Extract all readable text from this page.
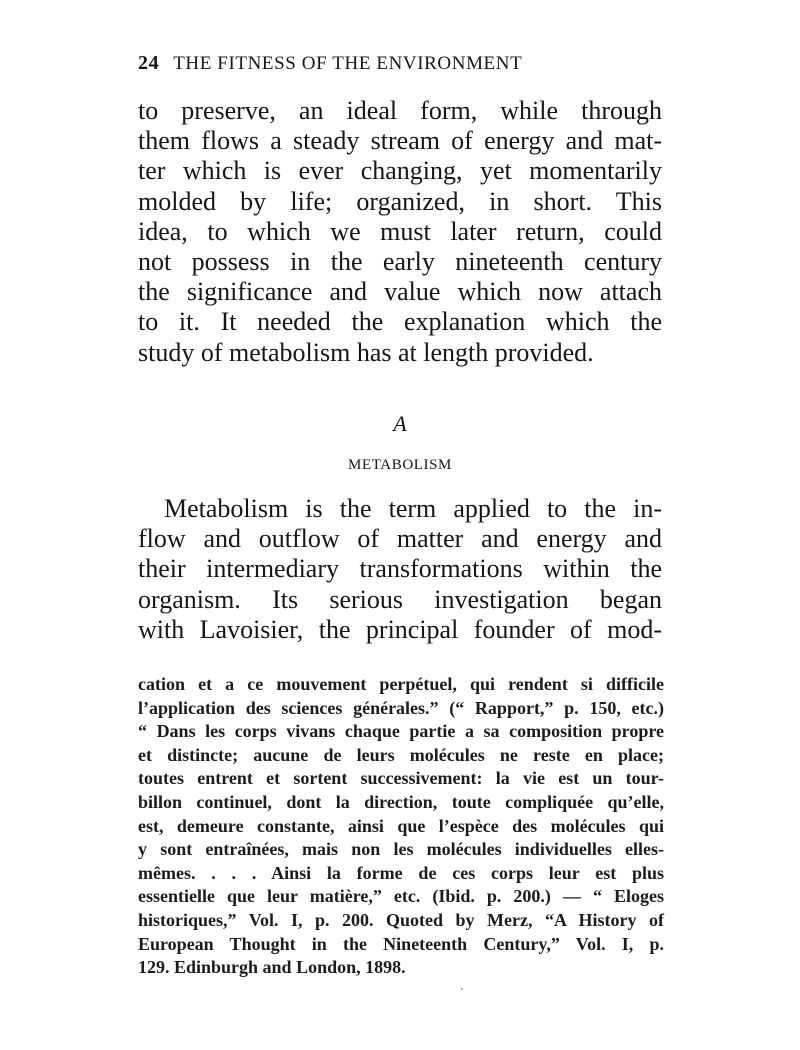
24 THE FITNESS OF THE ENVIRONMENT
to preserve, an ideal form, while through
them flows a steady stream of energy and mat-
ter which is ever changing, yet momentarily
molded by life; organized, in short. This
idea, to which we must later return, could
not possess in the early nineteenth century
the significance and value which now attach
to it. It needed the explanation which the
study of metabolism has at length provided.
A
METABOLISM
Metabolism is the term applied to the in-
flow and outflow of matter and energy and
their intermediary transformations within the
organism. Its serious investigation began
with Lavoisier, the principal founder of mod-
cation et a ce mouvement perpétuel, qui rendent si difficile
l’application des sciences générales.” (“ Rapport,” p. 150, etc.)
“ Dans les corps vivans chaque partie a sa composition propre
et distincte; aucune de leurs molécules ne reste en place;
toutes entrent et sortent successivement: la vie est un tour-
billon continuel, dont la direction, toute compliquée qu’elle,
est, demeure constante, ainsi que l’espèce des molécules qui
y sont entraînées, mais non les molécules individuelles elles-
mêmes. . . . Ainsi la forme de ces corps leur est plus
essentielle que leur matière,” etc. (Ibid. p. 200.) — “ Eloges
historiques,” Vol. I, p. 200. Quoted by Merz, “A History of
European Thought in the Nineteenth Century,” Vol. I, p.
129. Edinburgh and London, 1898.
